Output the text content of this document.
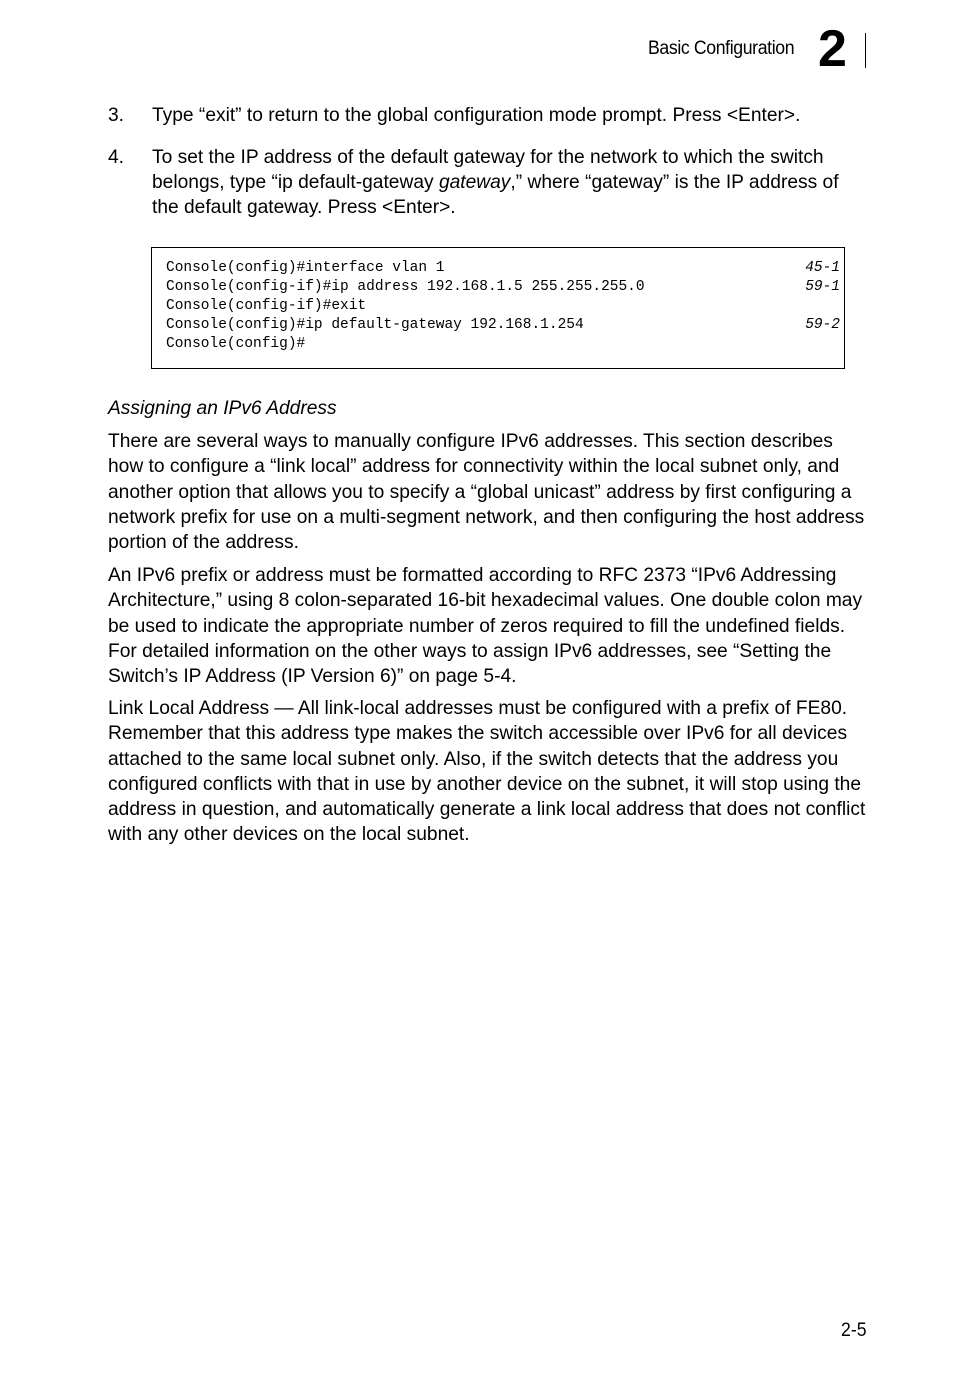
Basic Configuration 2
3. Type “exit” to return to the global configuration mode prompt. Press <Enter>.
4. To set the IP address of the default gateway for the network to which the switch belongs, type “ip default-gateway gateway,” where “gateway” is the IP address of the default gateway. Press <Enter>.
Console(config)#interface vlan 1	45-1
Console(config-if)#ip address 192.168.1.5 255.255.255.0	59-1
Console(config-if)#exit
Console(config)#ip default-gateway 192.168.1.254	59-2
Console(config)#
Assigning an IPv6 Address
There are several ways to manually configure IPv6 addresses. This section describes how to configure a “link local” address for connectivity within the local subnet only, and another option that allows you to specify a “global unicast” address by first configuring a network prefix for use on a multi-segment network, and then configuring the host address portion of the address.
An IPv6 prefix or address must be formatted according to RFC 2373 “IPv6 Addressing Architecture,” using 8 colon-separated 16-bit hexadecimal values. One double colon may be used to indicate the appropriate number of zeros required to fill the undefined fields. For detailed information on the other ways to assign IPv6 addresses, see “Setting the Switch’s IP Address (IP Version 6)” on page 5-4.
Link Local Address — All link-local addresses must be configured with a prefix of FE80. Remember that this address type makes the switch accessible over IPv6 for all devices attached to the same local subnet only. Also, if the switch detects that the address you configured conflicts with that in use by another device on the subnet, it will stop using the address in question, and automatically generate a link local address that does not conflict with any other devices on the local subnet.
2-5
